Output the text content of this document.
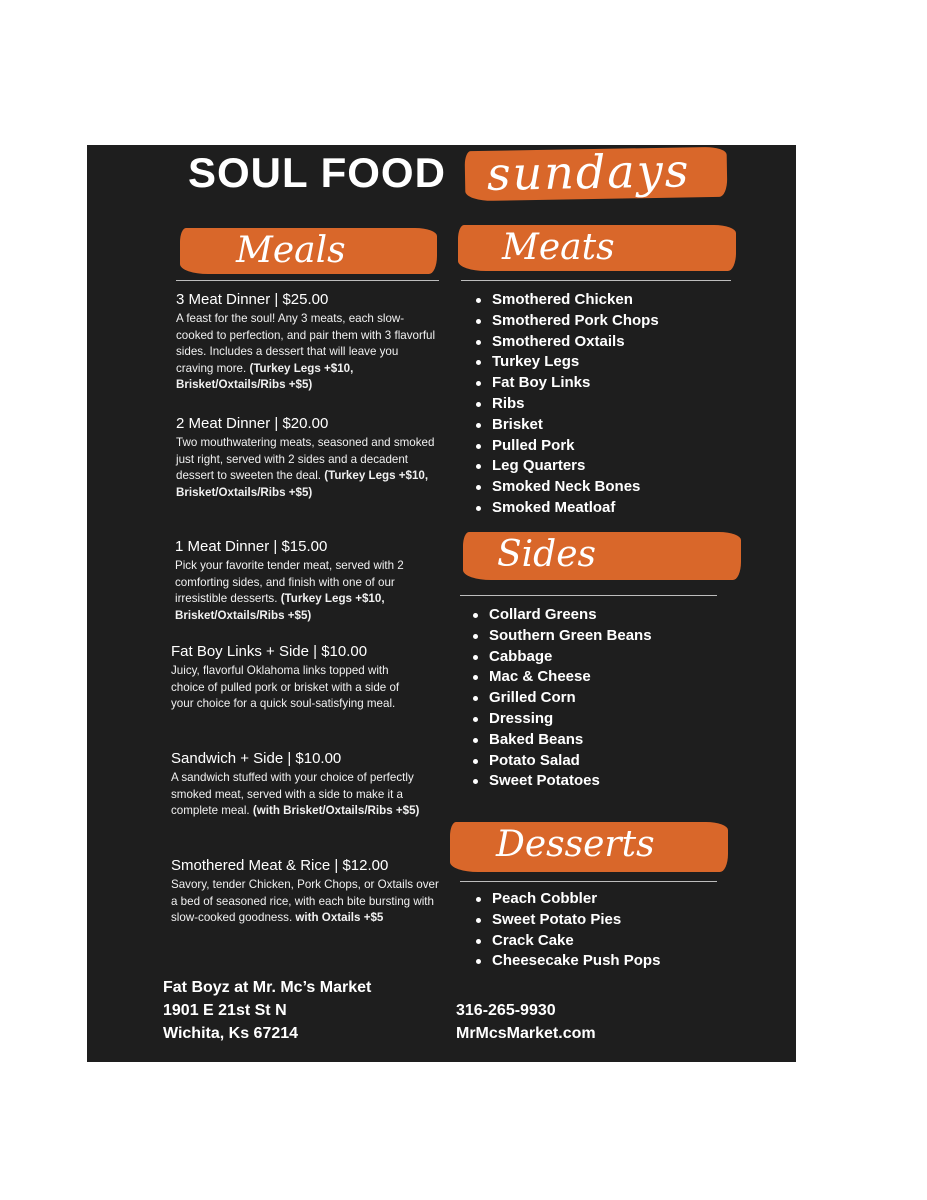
SOUL FOOD sundays
Meals	Meats
3 Meat Dinner | $25.00
A feast for the soul! Any 3 meats, each slow-cooked to perfection, and pair them with 3 flavorful sides. Includes a dessert that will leave you craving more. (Turkey Legs +$10, Brisket/Oxtails/Ribs +$5)
2 Meat Dinner | $20.00
Two mouthwatering meats, seasoned and smoked just right, served with 2 sides and a decadent dessert to sweeten the deal. (Turkey Legs +$10, Brisket/Oxtails/Ribs +$5)
1 Meat Dinner | $15.00
Pick your favorite tender meat, served with 2 comforting sides, and finish with one of our irresistible desserts. (Turkey Legs +$10, Brisket/Oxtails/Ribs +$5)
Fat Boy Links + Side | $10.00
Juicy, flavorful Oklahoma links topped with choice of pulled pork or brisket with a side of your choice for a quick soul-satisfying meal.
Sandwich + Side | $10.00
A sandwich stuffed with your choice of perfectly smoked meat, served with a side to make it a complete meal. (with Brisket/Oxtails/Ribs +$5)
Smothered Meat & Rice | $12.00
Savory, tender Chicken, Pork Chops, or Oxtails over a bed of seasoned rice, with each bite bursting with slow-cooked goodness. with Oxtails +$5
Smothered Chicken
Smothered Pork Chops
Smothered Oxtails
Turkey Legs
Fat Boy Links
Ribs
Brisket
Pulled Pork
Leg Quarters
Smoked Neck Bones
Smoked Meatloaf
Sides
Collard Greens
Southern Green Beans
Cabbage
Mac & Cheese
Grilled Corn
Dressing
Baked Beans
Potato Salad
Sweet Potatoes
Desserts
Peach Cobbler
Sweet Potato Pies
Crack Cake
Cheesecake Push Pops
Fat Boyz at Mr. Mc’s Market
1901 E 21st St N
Wichita, Ks 67214
316-265-9930
MrMcsMarket.com
